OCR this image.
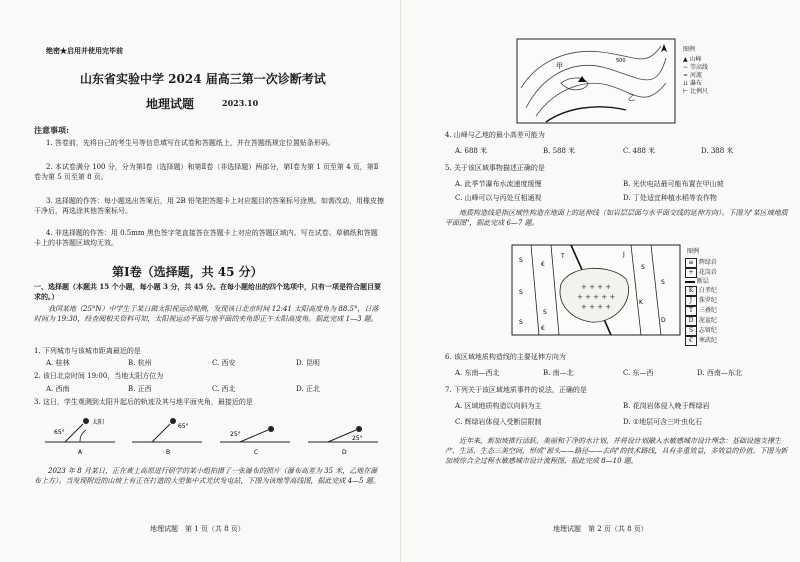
绝密★启用并使用完毕前
山东省实验中学 2024 届高三第一次诊断考试
地理试题	2023.10
注意事项:
1. 答卷前，先将自己的考生号等信息填写在试卷和答题纸上，并在答题纸规定位置贴条形码。
2. 本试卷满分 100 分，分为第Ⅰ卷（选择题）和第Ⅱ卷（非选择题）两部分，第Ⅰ卷为第 1 页至第 4 页，第Ⅱ卷为第 5 页至第 8 页。
3. 选择题的作答：每小题选出答案后，用 2B 铅笔把答题卡上对应题目的答案标号涂黑。如需改动，用橡皮擦干净后，再选涂其他答案标号。
4. 非选择题的作答：用 0.5mm 黑色签字笔直接答在答题卡上对应的答题区域内。写在试卷、草稿纸和答题卡上的非答题区域均无效。
第Ⅰ卷（选择题，共 45 分）
一、选择题（本题共 15 个小题，每小题 3 分，共 45 分。在每小题给出的四个选项中，只有一项是符合题目要求的。）
我国某地（25°N）中学生于某日做太阳视运动观测，发现该日北京时间 12:41 太阳高度角为 88.5°，日落时间为 19:30，经查阅相关资料可知，太阳视运动平面与地平面的夹角即正午太阳高度角。据此完成 1—3 题。
1. 下列城市与该城市距离最近的是
A. 桂林	B. 杭州	C. 西安	D. 昆明
2. 该日北京时间 19:00，当地太阳方位为
A. 西南	B. 正西	C. 西北	D. 正北
3. 这日，学生观测到太阳升起后的轨迹及其与地平面夹角，最接近的是
65°
太阳
A
65°
B
25°
C
25°
D
2023 年 8 月某日，正在黄土高原进行研学的某小组拍摄了一张瀑布的照片（瀑布高差为 35 米，乙地在瀑布上方）。当发现附近的山坡上有正在打造的大型集中式光伏发电站，下图为该地等高线图，据此完成 4—5 题。
地理试题　第 1 页（共 8 页）
甲
乙
500
图例
▲ 山峰
∼ 等高线
≈ 河流
⇊ 瀑布
⊢ 比例尺
4. 山峰与乙地的最小高差可能为
A. 688 米	B. 588 米	C. 488 米	D. 388 米
5. 关于该区域事物描述正确的是
A. 此季节瀑布水流速度缓慢	B. 光伏电站最可能布置在甲山坡
C. 山峰可以与丙处互相通视	D. 丁处适宜种植水稻等农作物
地质构造线是指区域性构造在地面上的延伸线（如岩层层面与水平面交线的延伸方向）。下图为"某区域地质平面图"，据此完成 6—7 题。
+ + + +
+ + + + +
+ + + +
S
S
S
€
T	J
S
S
K
D
S
€
图例
≡ 辉绿岩
+ 花岗岩
断层
K 白垩纪
J 侏罗纪
T 三叠纪
D 泥盆纪
S 志留纪
€ 寒武纪
6. 该区域地质构造线的主要延伸方向为
A. 东南—西北	B. 南—北	C. 东—西	D. 西南—东北
7. 下列关于该区域地质事件的说法，正确的是
A. 区域地质构造以向斜为主	B. 花岗岩体侵入晚于辉绿岩
C. 辉绿岩体侵入受断层限制	D. ①地层可含三叶虫化石
近年来，新加坡推行活跃、美丽和干净的水计划，并将设计划融入水敏感城市设计理念：基础设施支撑生产、生活、生态三美空间，形成"源头——路径——去向"的技术路线，具有多重效益，多效益的价值。下图为新加坡综合全过程水敏感城市设计流程图，据此完成 8—10 题。
地理试题　第 2 页（共 8 页）
